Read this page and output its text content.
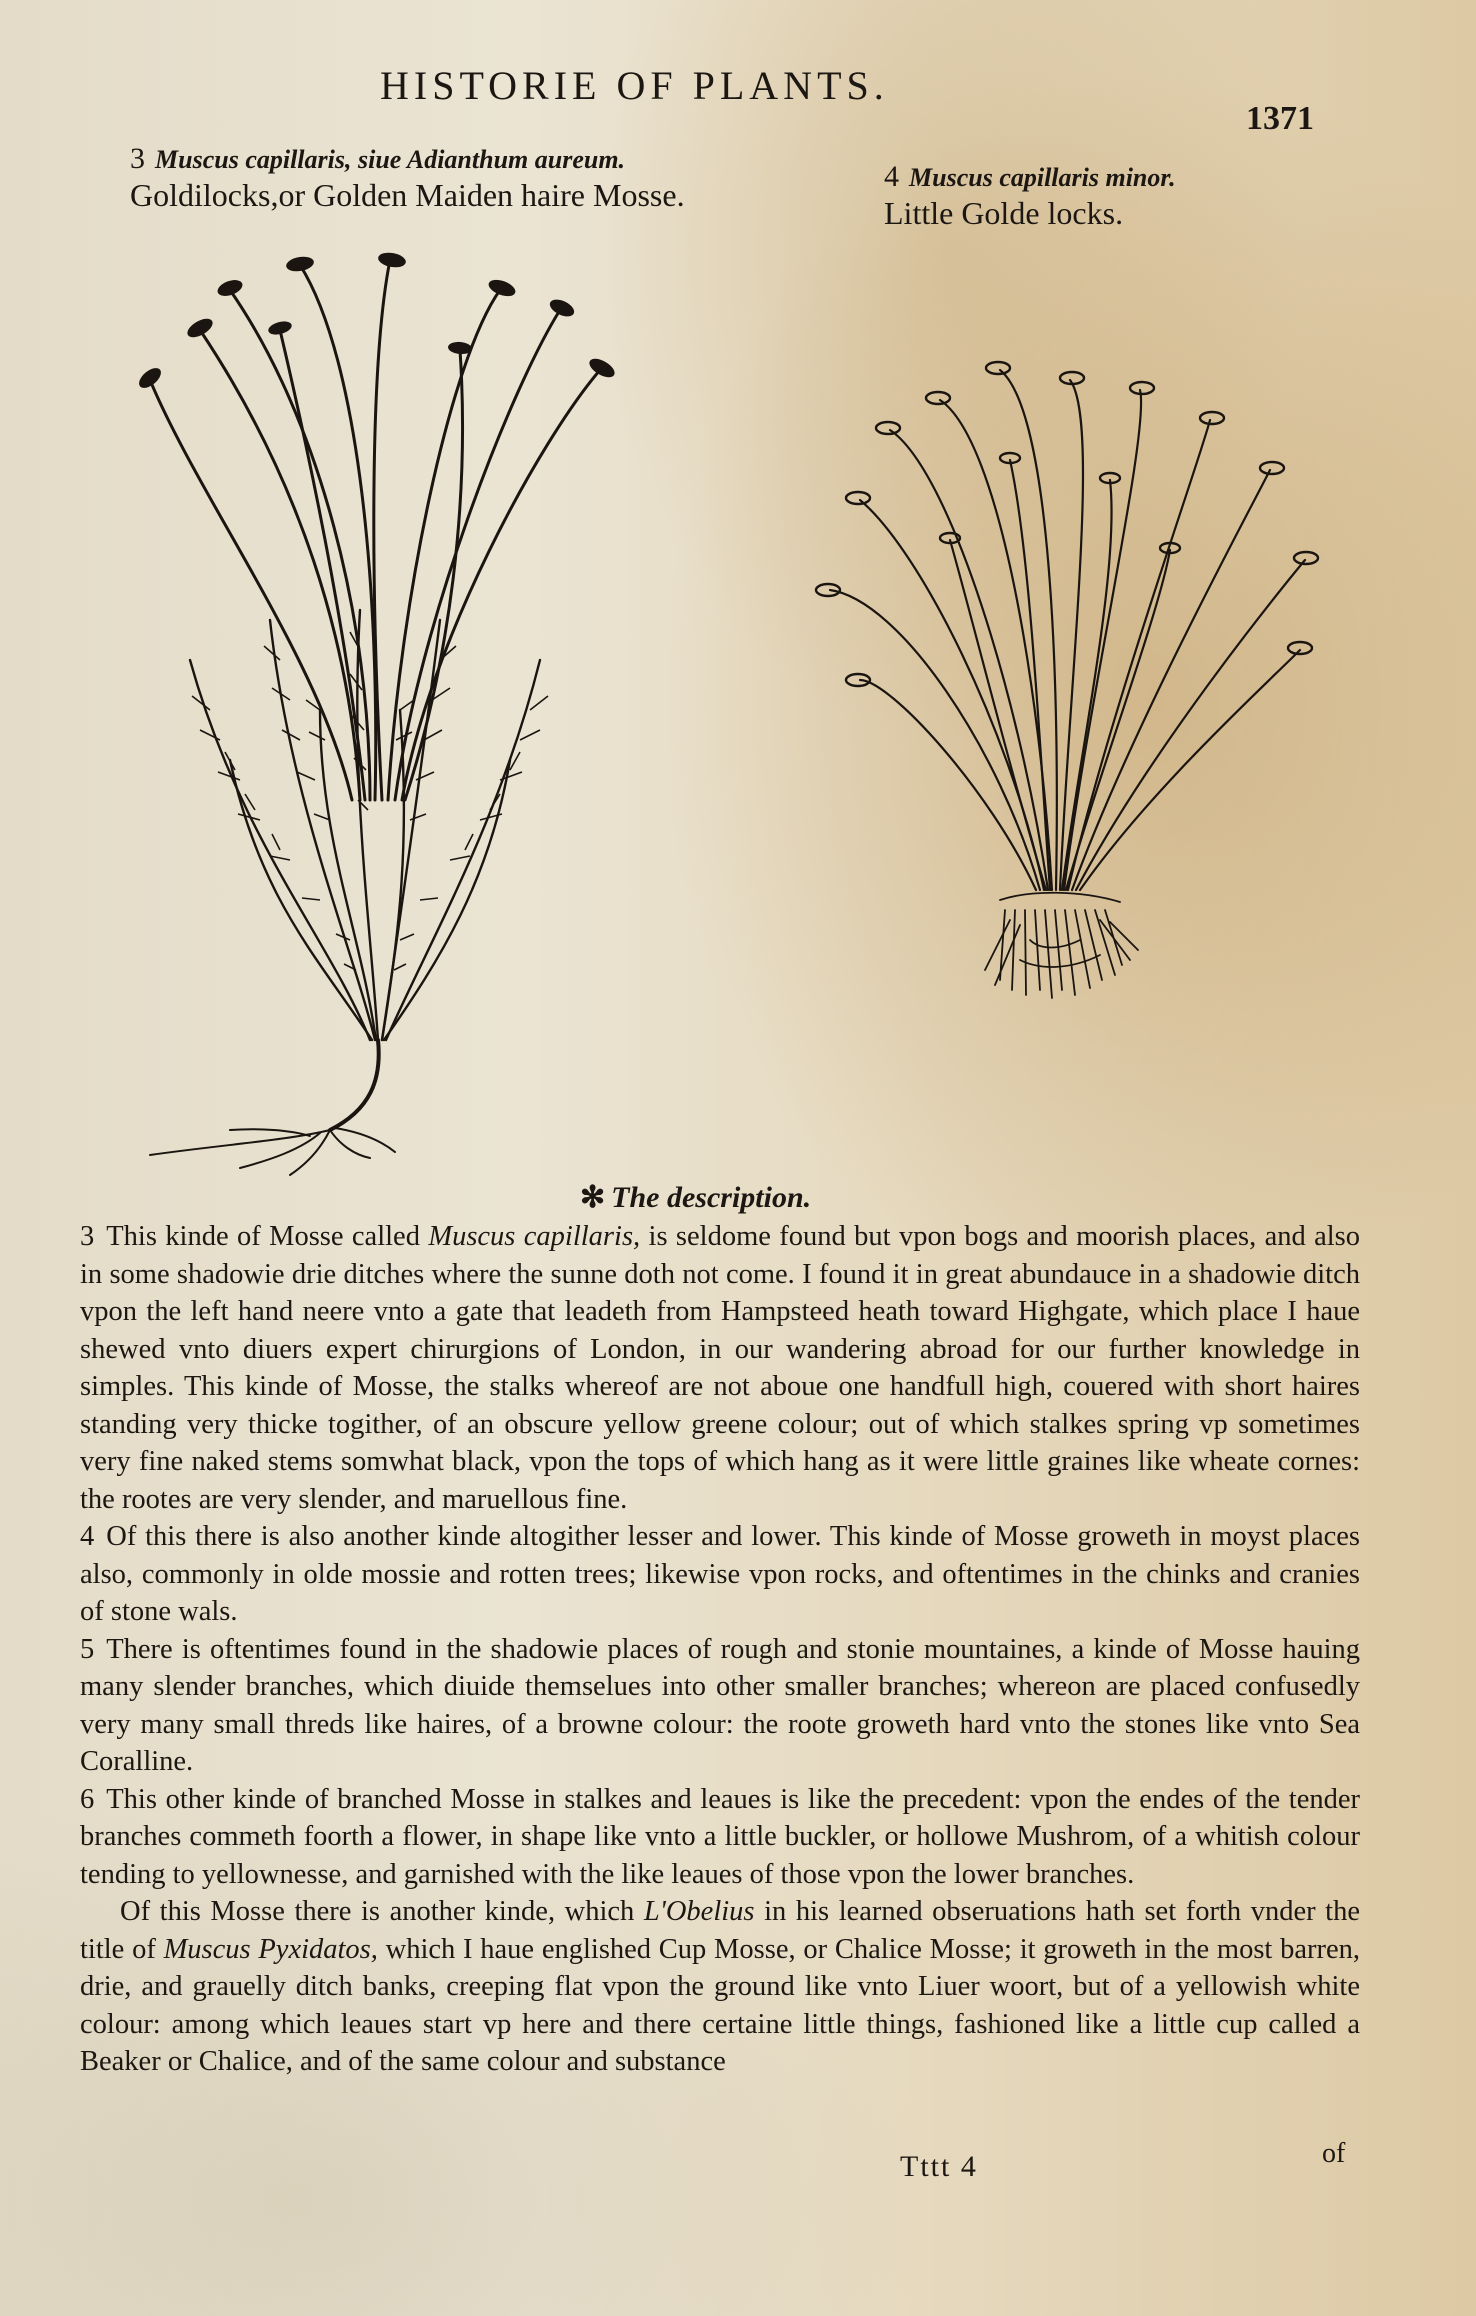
HISTORIE OF PLANTS.
1371
3 Muscus capillaris, siue Adianthum aureum.
Goldilocks,or Golden Maiden haire Mosse.	4 Muscus capillaris minor.
Little Golde locks.
✻ The description.

3 This kinde of Mosse called Muscus capillaris, is seldome found but vpon bogs and moorish places, and also in some shadowie drie ditches where the sunne doth not come. I found it in great abundauce in a shadowie ditch vpon the left hand neere vnto a gate that leadeth from Hampsteed heath toward Highgate, which place I haue shewed vnto diuers expert chirurgions of London, in our wandering abroad for our further knowledge in simples. This kinde of Mosse, the stalks whereof are not aboue one handfull high, couered with short haires standing very thicke togither, of an obscure yellow greene colour; out of which stalkes spring vp sometimes very fine naked stems somwhat black, vpon the tops of which hang as it were little graines like wheate cornes: the rootes are very slender, and maruellous fine.

4 Of this there is also another kinde altogither lesser and lower. This kinde of Mosse groweth in moyst places also, commonly in olde mossie and rotten trees; likewise vpon rocks, and oftentimes in the chinks and cranies of stone wals.

5 There is oftentimes found in the shadowie places of rough and stonie mountaines, a kinde of Mosse hauing many slender branches, which diuide themselues into other smaller branches; whereon are placed confusedly very many small threds like haires, of a browne colour: the roote groweth hard vnto the stones like vnto Sea Coralline.

6 This other kinde of branched Mosse in stalkes and leaues is like the precedent: vpon the endes of the tender branches commeth foorth a flower, in shape like vnto a little buckler, or hollowe Mushrom, of a whitish colour tending to yellownesse, and garnished with the like leaues of those vpon the lower branches.

Of this Mosse there is another kinde, which L'Obelius in his learned obseruations hath set forth vnder the title of Muscus Pyxidatos, which I haue englished Cup Mosse, or Chalice Mosse; it groweth in the most barren, drie, and grauelly ditch banks, creeping flat vpon the ground like vnto Liuer woort, but of a yellowish white colour: among which leaues start vp here and there certaine little things, fashioned like a little cup called a Beaker or Chalice, and of the same colour and substance

Tttt 4	of
